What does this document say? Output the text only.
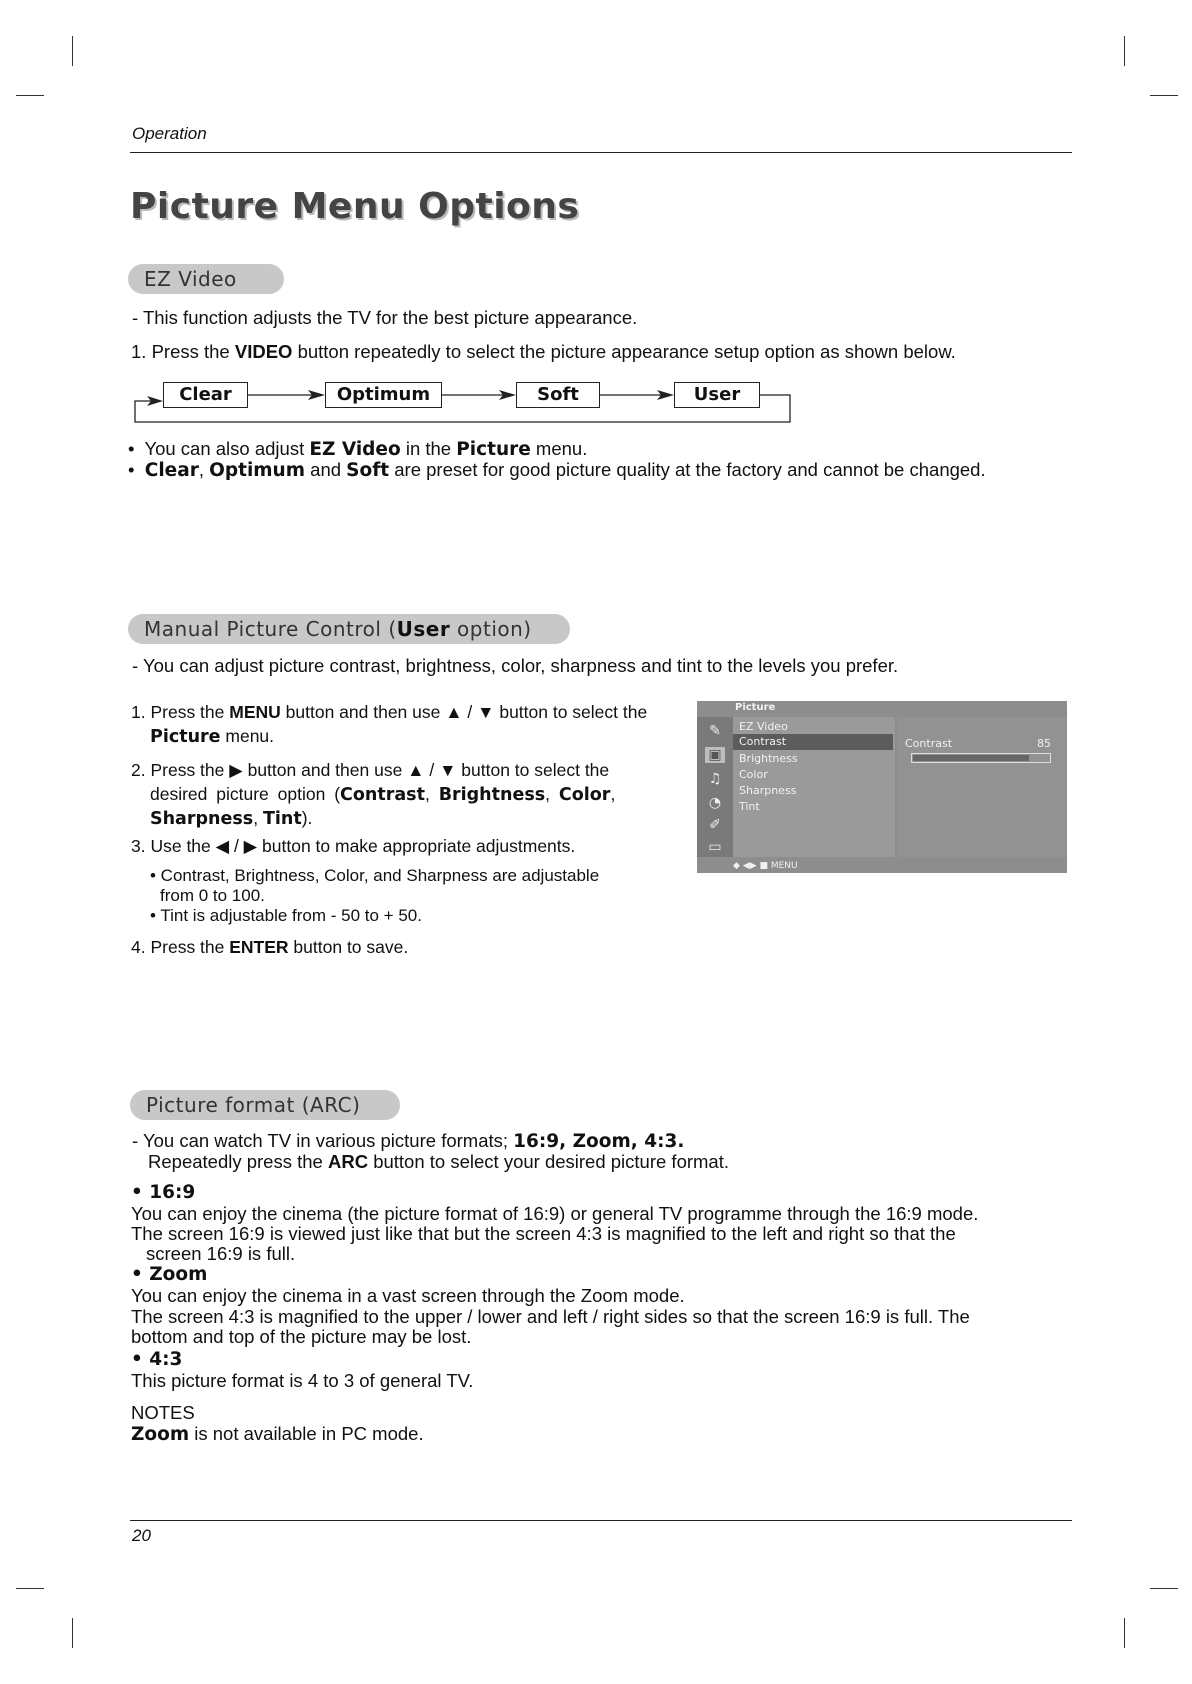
Operation
Picture Menu Options
EZ Video
- This function adjusts the TV for the best picture appearance.
1. Press the VIDEO button repeatedly to select the picture appearance setup option as shown below.
Clear	Optimum	Soft	User
•  You can also adjust EZ Video in the Picture menu.
•  Clear, Optimum and Soft are preset for good picture quality at the factory and cannot be changed.
Manual Picture Control (User option)
- You can adjust picture contrast, brightness, color, sharpness and tint to the levels you prefer.
1. Press the MENU button and then use ▲ / ▼ button to select the
Picture menu.
2. Press the ▶ button and then use ▲ / ▼ button to select the
desired picture option (Contrast, Brightness, Color,
Sharpness, Tint).
3. Use the ◀ / ▶ button to make appropriate adjustments.
• Contrast, Brightness, Color, and Sharpness are adjustable
from 0 to 100.
• Tint is adjustable from - 50 to + 50.
4. Press the ENTER button to save.
Picture
✎
▣
♫
◔
✐
▭
EZ Video
Contrast
Brightness
Color
Sharpness
Tint
Contrast	85
◆ ◀▶ ■ MENU
Picture format (ARC)
- You can watch TV in various picture formats; 16:9, Zoom, 4:3.
Repeatedly press the ARC button to select your desired picture format.
• 16:9
You can enjoy the cinema (the picture format of 16:9) or general TV programme through the 16:9 mode.
The screen 16:9 is viewed just like that but the screen 4:3 is magnified to the left and right so that the
screen 16:9 is full.
• Zoom
You can enjoy the cinema in a vast screen through the Zoom mode.
The screen 4:3 is magnified to the upper / lower and left / right sides so that the screen 16:9 is full. The
bottom and top of the picture may be lost.
• 4:3
This picture format is 4 to 3 of general TV.
NOTES
Zoom is not available in PC mode.
20
